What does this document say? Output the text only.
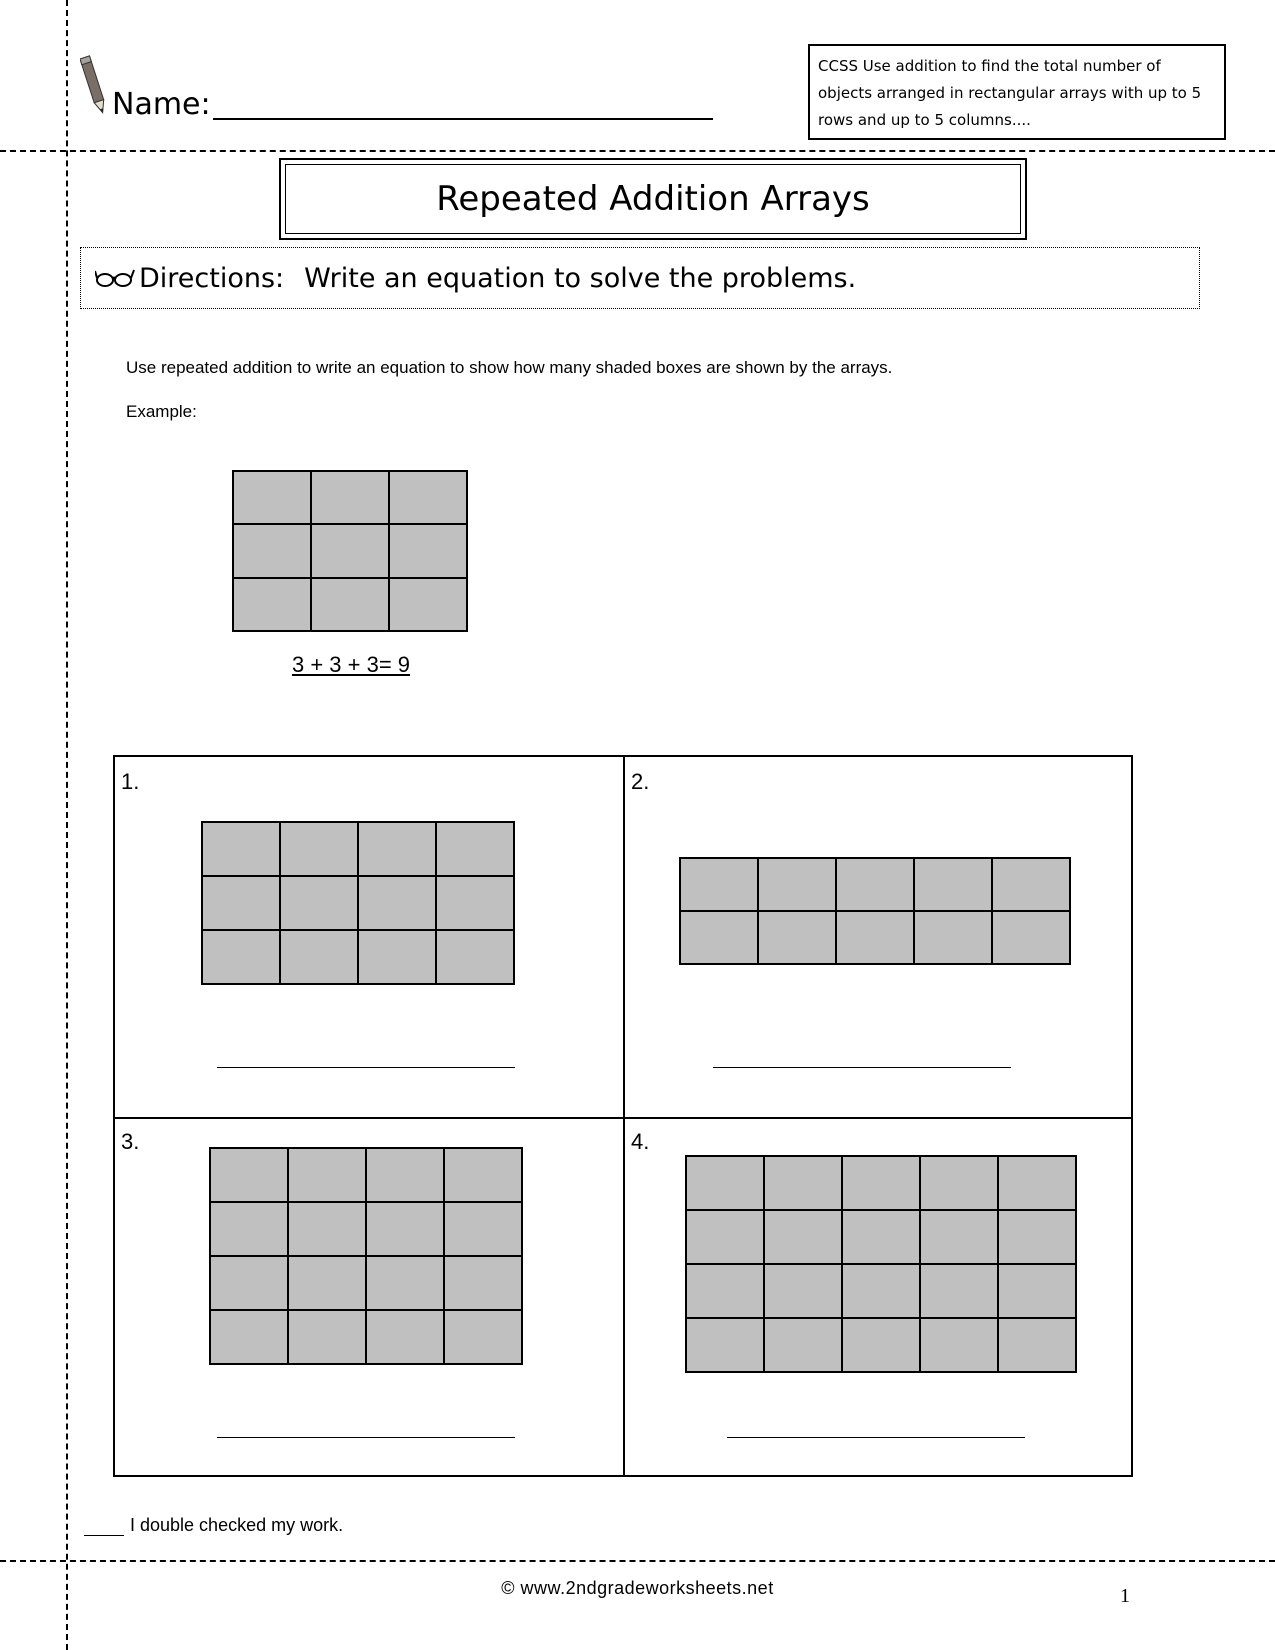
Name:
CCSS Use addition to find the total number of objects arranged in rectangular arrays with up to 5 rows and up to 5 columns....
Repeated Addition Arrays
Directions: Write an equation to solve the problems.
Use repeated addition to write an equation to show how many shaded boxes are shown by the arrays.
Example:
3 + 3 + 3= 9
1.	2.
3.	4.
I double checked my work.
© www.2ndgradeworksheets.net	1
